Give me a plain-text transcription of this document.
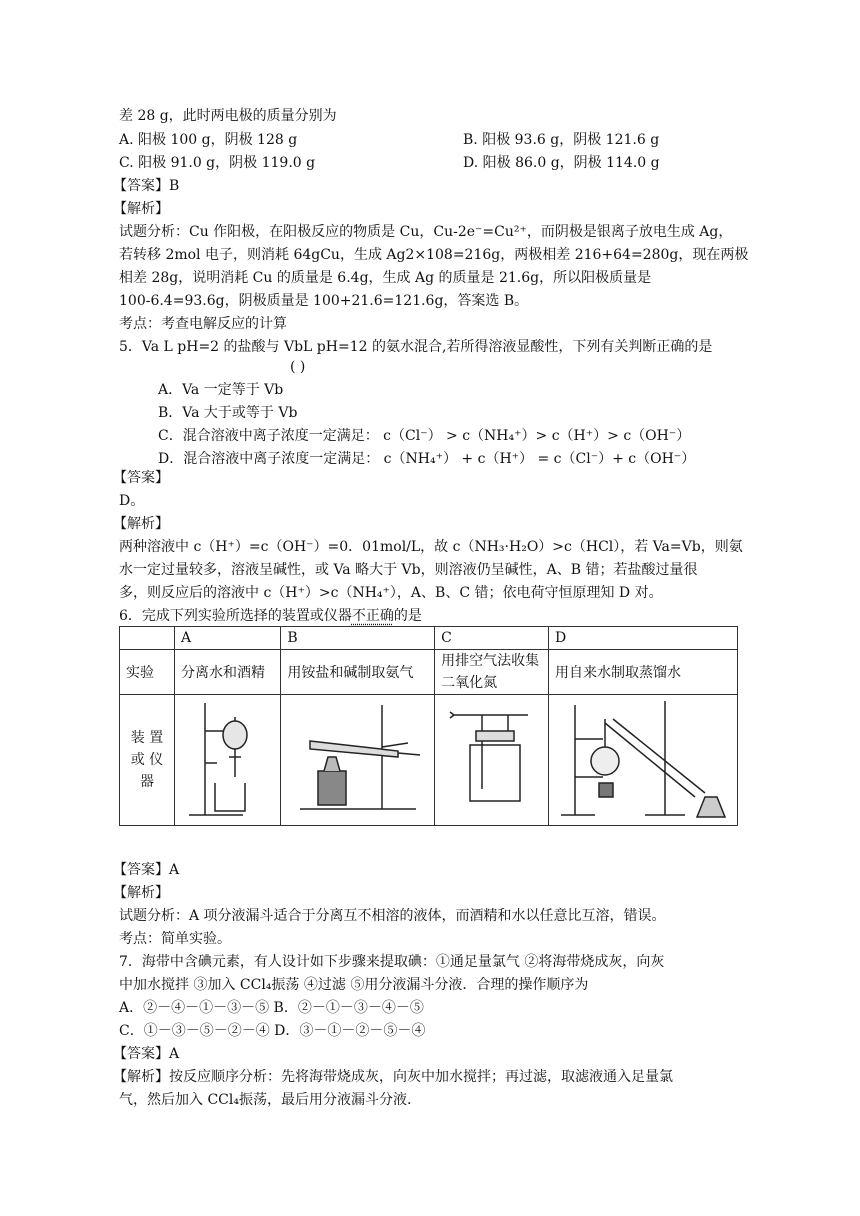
差 28 g，此时两电极的质量分别为
A. 阳极 100 g，阴极 128 g	B. 阳极 93.6 g，阴极 121.6 g
C. 阳极 91.0 g，阴极 119.0 g	D. 阳极 86.0 g，阴极 114.0 g
【答案】B
【解析】
试题分析：Cu 作阳极，在阳极反应的物质是 Cu，Cu-2e⁻=Cu²⁺，而阴极是银离子放电生成 Ag，
若转移 2mol 电子，则消耗 64gCu，生成 Ag2×108=216g，两极相差 216+64=280g，现在两极
相差 28g，说明消耗 Cu 的质量是 6.4g，生成 Ag 的质量是 21.6g，所以阳极质量是
100-6.4=93.6g，阴极质量是 100+21.6=121.6g，答案选 B。
考点：考查电解反应的计算
5．Va L pH=2 的盐酸与 VbL pH=12 的氨水混合,若所得溶液显酸性，下列有关判断正确的是
( )
A．Va 一定等于 Vb
B．Va 大于或等于 Vb
C．混合溶液中离子浓度一定满足： c（Cl⁻） > c（NH₄⁺）> c（H⁺）> c（OH⁻）
D．混合溶液中离子浓度一定满足： c（NH₄⁺） + c（H⁺） = c（Cl⁻）+ c（OH⁻）
【答案】
D。
【解析】
两种溶液中 c（H⁺）=c（OH⁻）=0．01mol/L，故 c（NH₃·H₂O）>c（HCl），若 Va=Vb，则氨
水一定过量较多，溶液呈碱性，或 Va 略大于 Vb，则溶液仍呈碱性，A、B 错；若盐酸过量很
多，则反应后的溶液中 c（H⁺）>c（NH₄⁺），A、B、C 错；依电荷守恒原理知 D 对。
6．完成下列实验所选择的装置或仪器不正确的是
	A	B	C	D
实验	分离水和酒精	用铵盐和碱制取氨气	用排空气法收集二氧化氮	用自来水制取蒸馏水
装 置 或 仪 器	

【答案】A
【解析】
试题分析：A 项分液漏斗适合于分离互不相溶的液体，而酒精和水以任意比互溶，错误。
考点：简单实验。
7．海带中含碘元素，有人设计如下步骤来提取碘：①通足量氯气 ②将海带烧成灰，向灰
中加水搅拌 ③加入 CCl₄振荡 ④过滤 ⑤用分液漏斗分液．合理的操作顺序为
A．②－④－①－③－⑤ B．②－①－③－④－⑤
C．①－③－⑤－②－④ D．③－①－②－⑤－④
【答案】A
【解析】按反应顺序分析：先将海带烧成灰，向灰中加水搅拌；再过滤，取滤液通入足量氯
气，然后加入 CCl₄振荡，最后用分液漏斗分液.
